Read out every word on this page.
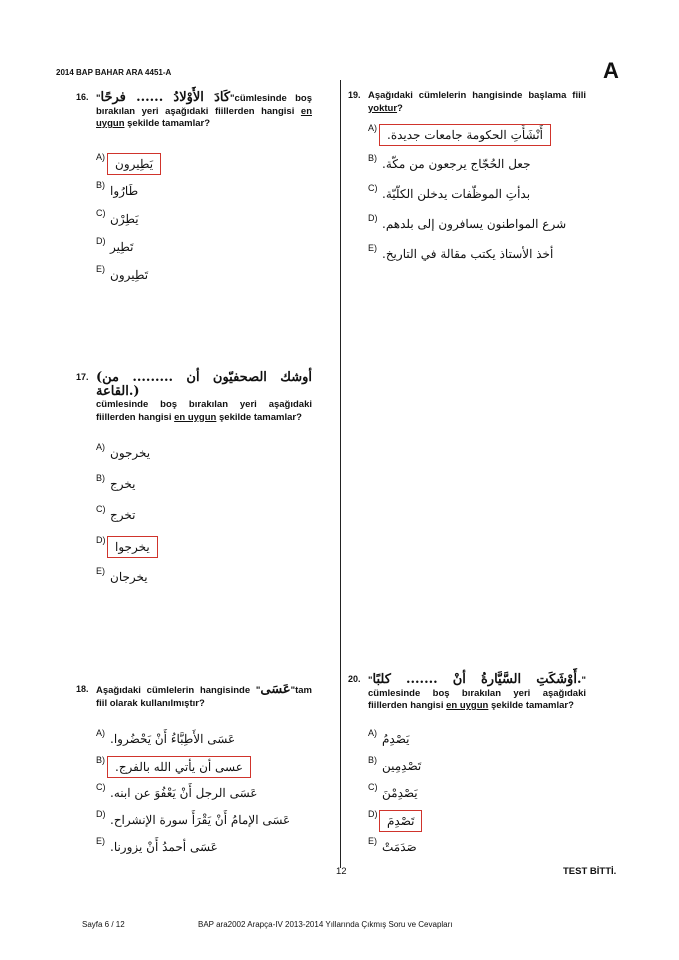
2014 BAP BAHAR ARA 4451-A	A
16. "كَادَ الأَوْلادُ ...... فرحًا"cümlesinde boş bırakılan yeri aşağıdaki fiillerden hangisi en uygun şekilde tamamlar?
A) يَطِيرون
B) طَارُوا
C) يَطِرْن
D) تَطِير
E) تَطِيرون
17. (أوشك الصحفيّون أن ......... من القاعة.)
cümlesinde boş bırakılan yeri aşağıdaki fiillerden hangisi en uygun şekilde tamamlar?
A) يخرجون
B) يخرج
C) تخرج
D) يخرجوا
E) يخرجان
18. Aşağıdaki cümlelerin hangisinde "عَسَى"tam fiil olarak kullanılmıştır?
A) عَسَى الأَطِبَّاءُ أَنْ يَحْضُروا.
B) عسى أن يأتي الله بالفرج.
C) عَسَى الرجل أَنْ يَعْفُوَ عن ابنه.
D) عَسَى الإمامُ أَنْ يَقْرَأَ سورة الإنشراح.
E) عَسَى أحمدُ أَنْ يزورنا.
19. Aşağıdaki cümlelerin hangisinde başlama fiili yoktur?
A) أَنْشَأَتِ الحكومة جامعات جديدة.
B) جعل الحُجّاج يرجعون من مكّة.
C) بدأتِ الموظّفات يدخلن الكلّيّة.
D) شرع المواطنون يسافرون إلى بلدهم.
E) أخذ الأستاذ يكتب مقالة في التاريخ.
20. "أَوْشَكَتِ السَّيَّارةُ أنْ ....... كلبًا." cümlesinde boş bırakılan yeri aşağıdaki fiillerden hangisi en uygun şekilde tamamlar?
A) يَصْدِمُ
B) تَصْدِمِين
C) يَصْدِمْنَ
D) تَصْدِمَ
E) صَدَمَتْ
12	TEST BİTTİ.
Sayfa 6 / 12	BAP ara2002 Arapça-IV 2013-2014 Yıllarında Çıkmış Soru ve Cevapları
